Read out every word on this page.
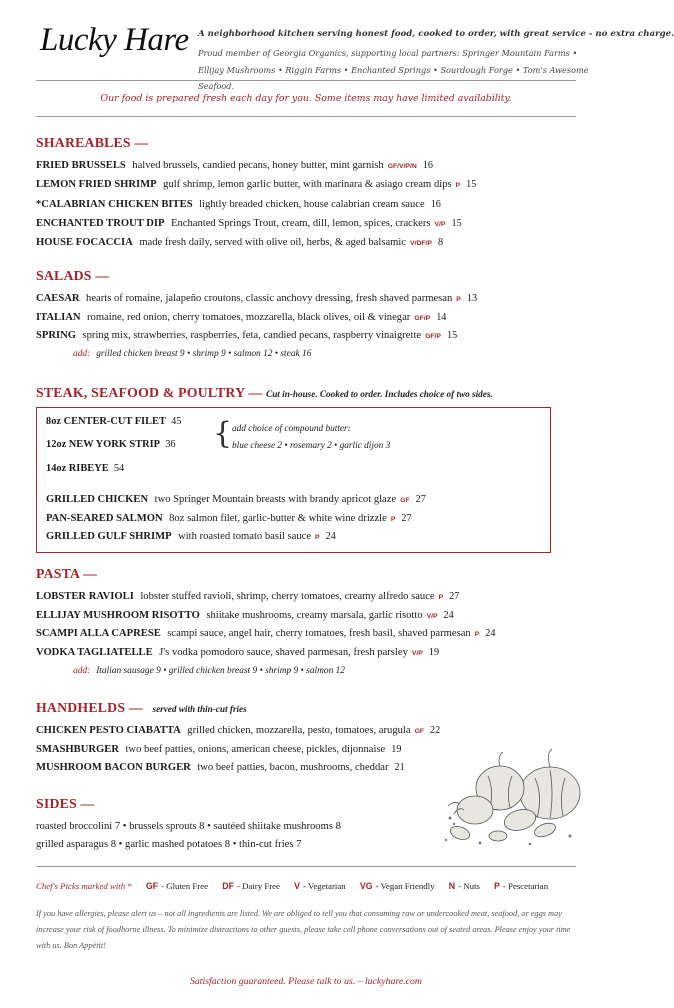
Lucky Hare A neighborhood kitchen serving honest food, cooked to order, with great service - no extra charge.
Proud member of Georgia Organics, supporting local partners: Springer Mountain Farms • Ellijay Mushrooms • Riggin Farms • Enchanted Springs • Sourdough Forge • Tom's Awesome Seafood.
Our food is prepared fresh each day for you. Some items may have limited availability.
SHAREABLES —
FRIED BRUSSELS halved brussels, candied pecans, honey butter, mint garnish GF/V/P/N 16
LEMON FRIED SHRIMP gulf shrimp, lemon garlic butter, with marinara & asiago cream dips P 15
*CALABRIAN CHICKEN BITES lightly breaded chicken, house calabrian cream sauce 16
ENCHANTED TROUT DIP Enchanted Springs Trout, cream, dill, lemon, spices, crackers V/P 15
HOUSE FOCACCIA made fresh daily, served with olive oil, herbs, & aged balsamic V/DF/P 8
SALADS —
CAESAR hearts of romaine, jalapeño croutons, classic anchovy dressing, fresh shaved parmesan P 13
ITALIAN romaine, red onion, cherry tomatoes, mozzarella, black olives, oil & vinegar GF/P 14
SPRING spring mix, strawberries, raspberries, feta, candied pecans, raspberry vinaigrette GF/P 15
add: grilled chicken breast 9 • shrimp 9 • salmon 12 • steak 16
STEAK, SEAFOOD & POULTRY — Cut in-house. Cooked to order. Includes choice of two sides.
8oz CENTER-CUT FILET 45
12oz NEW YORK STRIP 36
14oz RIBEYE 54
{ add choice of compound butter:
blue cheese 2 • rosemary 2 • garlic dijon 3
GRILLED CHICKEN two Springer Mountain breasts with brandy apricot glaze GF 27
PAN-SEARED SALMON 8oz salmon filet, garlic-butter & white wine drizzle P 27
GRILLED GULF SHRIMP with roasted tomato basil sauce P 24
PASTA —
LOBSTER RAVIOLI lobster stuffed ravioli, shrimp, cherry tomatoes, creamy alfredo sauce P 27
ELLIJAY MUSHROOM RISOTTO shiitake mushrooms, creamy marsala, garlic risotto V/P 24
SCAMPI ALLA CAPRESE scampi sauce, angel hair, cherry tomatoes, fresh basil, shaved parmesan P 24
VODKA TAGLIATELLE J's vodka pomodoro sauce, shaved parmesan, fresh parsley V/P 19
add: Italian sausage 9 • grilled chicken breast 9 • shrimp 9 • salmon 12
HANDHELDS — served with thin-cut fries
CHICKEN PESTO CIABATTA grilled chicken, mozzarella, pesto, tomatoes, arugula GF 22
SMASHBURGER two beef patties, onions, american cheese, pickles, dijonnaise 19
MUSHROOM BACON BURGER two beef patties, bacon, mushrooms, cheddar 21
SIDES —
roasted broccolini 7 • brussels sprouts 8 • sautéed shiitake mushrooms 8
grilled asparagus 8 • garlic mashed potatoes 8 • thin-cut fries 7
Chef's Picks marked with * GF - Gluten Free DF - Dairy Free V - Vegetarian VG - Vegan Friendly N - Nuts P - Pescetarian
If you have allergies, please alert us – not all ingredients are listed. We are obliged to tell you that consuming raw or undercooked meat, seafood, or eggs may increase your risk of foodborne illness. To minimize distractions to other guests, please take cell phone conversations out of seated areas. Please enjoy your time with us. Bon Appétit!
Satisfaction guaranteed. Please talk to us. – luckyhare.com
